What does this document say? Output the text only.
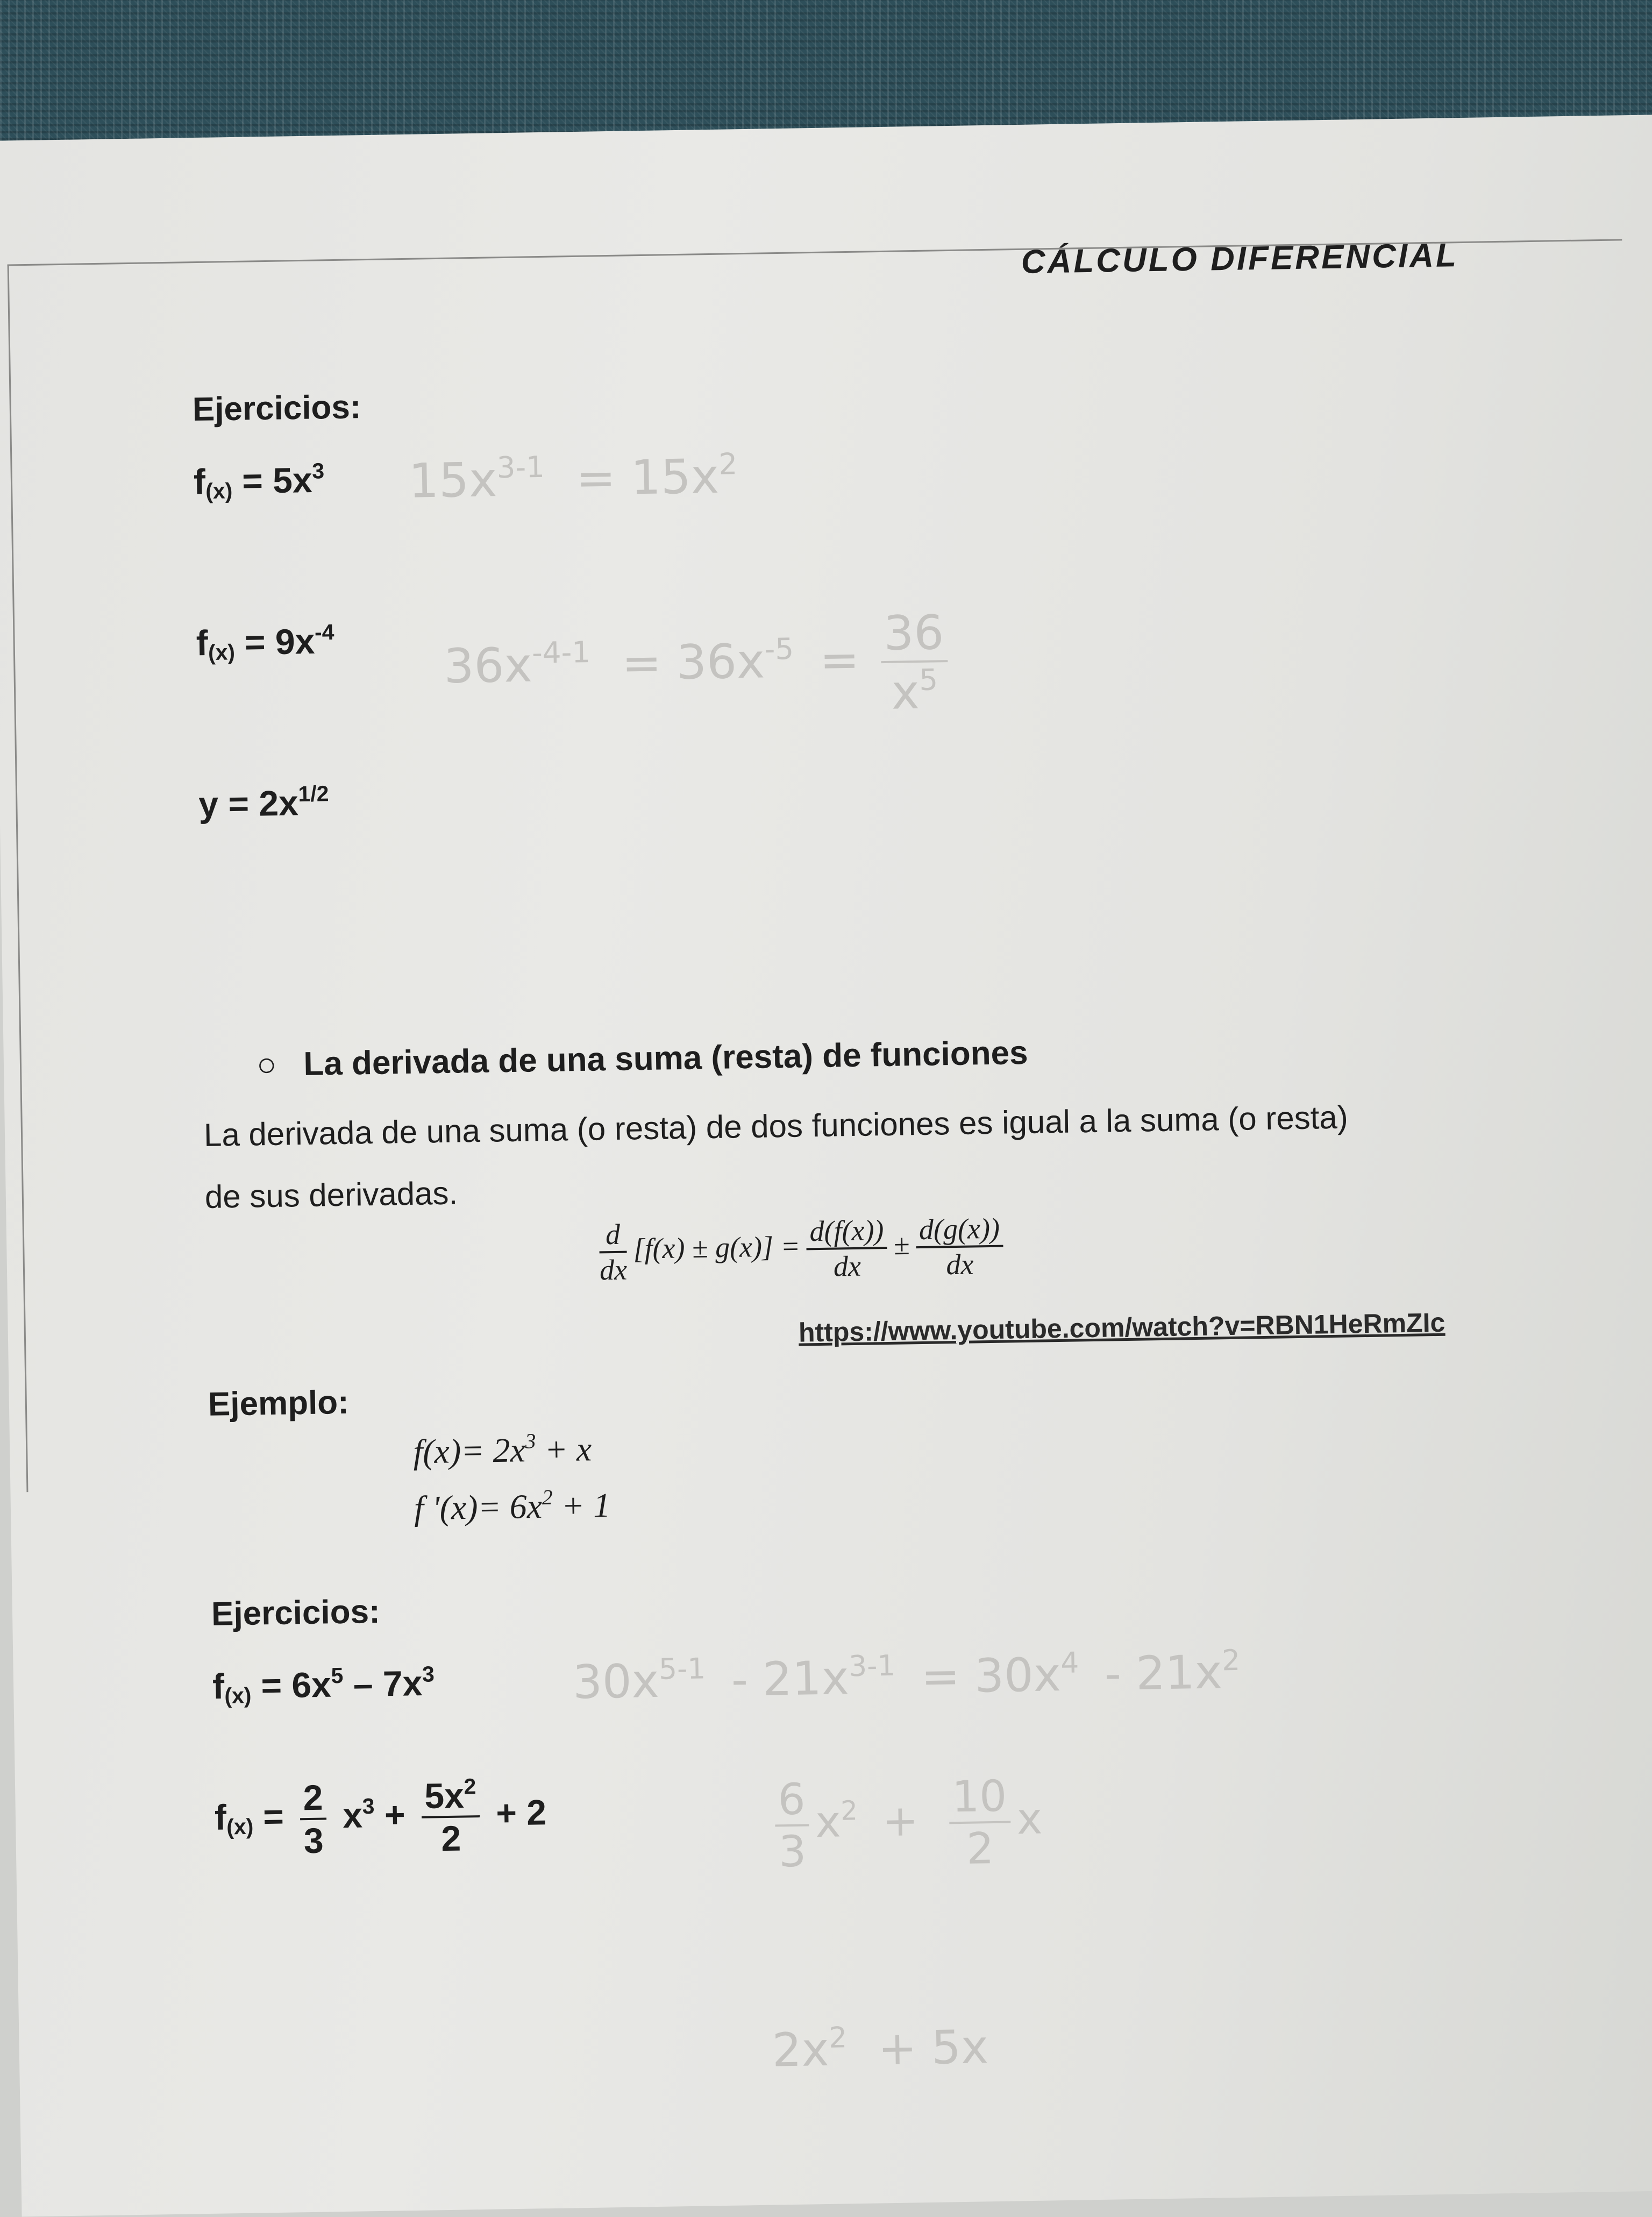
CÁLCULO DIFERENCIAL
Ejercicios:
$f_{(x)} = 5x^3$ $15x^{3-1} = 15x^2$
$f_{(x)} = 9x^{-4}$
$36x^{-4-1} = 36x^{-5} = \frac{36}{x^5}$
$y = 2x^{1/2}$
○ La derivada de una suma (resta) de funciones
La derivada de una suma (o resta) de dos funciones es igual a la suma (o resta)
de sus derivadas.
$\frac{d}{dx} [f(x) \pm g(x)] = \frac{d(f(x))}{dx} \pm \frac{d(g(x))}{dx}$
https://www.youtube.com/watch?v=RBN1HeRmZIc
Ejemplo:
$f(x)= 2x^3 + x$
f '$(x)= 6x^2 + 1$
Ejercicios:
$f_{(x)} = 6x^5 - 7x^3$	$30x^{5-1} - 21x^{3-1} = 30x^4 - 21x^2$
$f_{(x)} = \frac{2}{3} x^3 + \frac{5x^2}{2} + 2$	$\frac{6}{3} x^2 + \frac{10}{2}$ x
$2x^2 + 5x$
